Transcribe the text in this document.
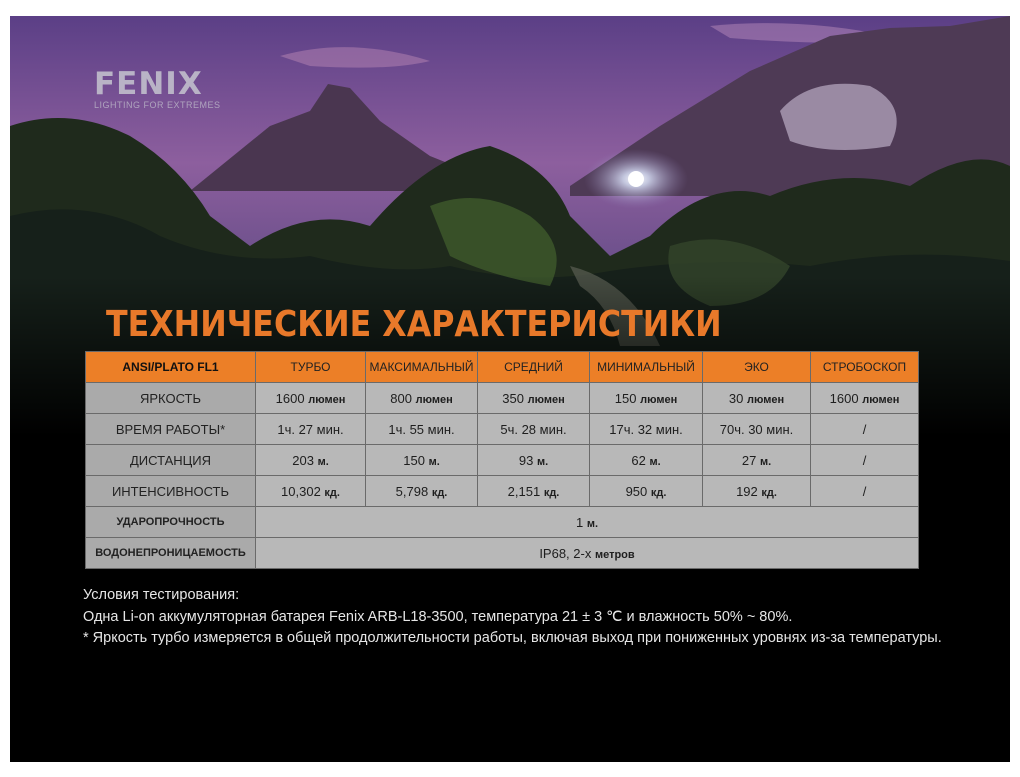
FENIX
LIGHTING FOR EXTREMES
ТЕХНИЧЕСКИЕ ХАРАКТЕРИСТИКИ
ANSI/PLATO FL1	ТУРБО	МАКСИМАЛЬНЫЙ	СРЕДНИЙ	МИНИМАЛЬНЫЙ	ЭКО	СТРОБОСКОП
ЯРКОСТЬ	1600 люмен	800 люмен	350 люмен	150 люмен	30 люмен	1600 люмен
ВРЕМЯ РАБОТЫ*	1ч. 27 мин.	1ч. 55 мин.	5ч. 28 мин.	17ч. 32 мин.	70ч. 30 мин.	/
ДИСТАНЦИЯ	203 м.	150 м.	93 м.	62 м.	27 м.	/
ИНТЕНСИВНОСТЬ	10,302 кд.	5,798 кд.	2,151 кд.	950 кд.	192 кд.	/
УДАРОПРОЧНОСТЬ	1 м.					
ВОДОНЕПРОНИЦАЕМОСТЬ	IP68, 2-х метров					

Условия тестирования:

Одна Li-on аккумуляторная батарея Fenix ARB-L18-3500, температура 21 ± 3 ℃ и влажность 50% ~ 80%.

* Яркость турбо измеряется в общей продолжительности работы, включая выход при пониженных уровнях из-за температуры.
